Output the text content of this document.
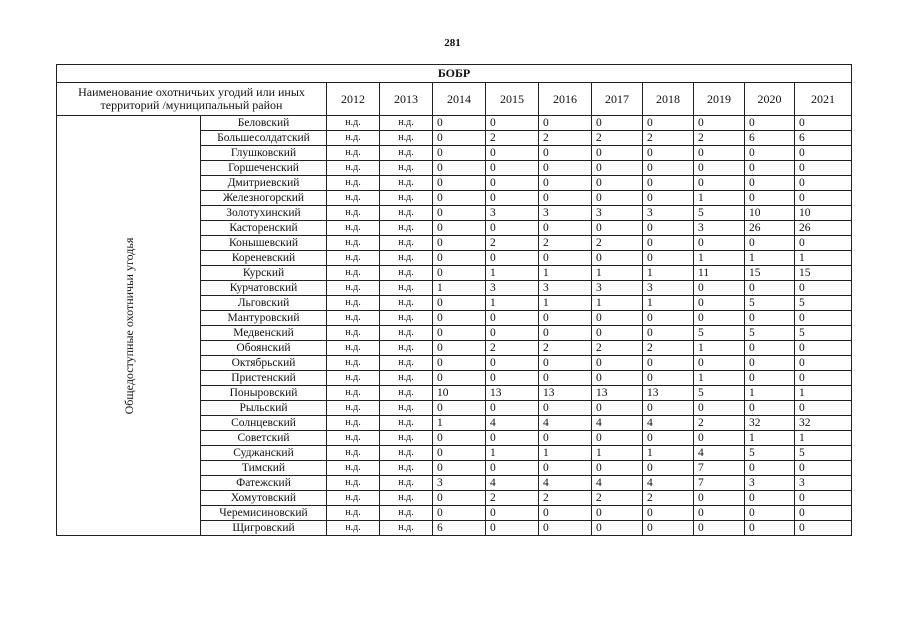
281
БОБР											
Наименование охотничьих угодий или иных территорий /муниципальный район		2012	2013	2014	2015	2016	2017	2018	2019	2020	2021

Общедоступные охотничьи угодья	Беловский	н.д.	н.д.	0	0	0	0	0	0	0	0
	Большесолдатский	н.д.	н.д.	0	2	2	2	2	2	6	6
	Глушковский	н.д.	н.д.	0	0	0	0	0	0	0	0
	Горшеченский	н.д.	н.д.	0	0	0	0	0	0	0	0
	Дмитриевский	н.д.	н.д.	0	0	0	0	0	0	0	0
	Железногорский	н.д.	н.д.	0	0	0	0	0	1	0	0
	Золотухинский	н.д.	н.д.	0	3	3	3	3	5	10	10
	Касторенский	н.д.	н.д.	0	0	0	0	0	3	26	26
	Конышевский	н.д.	н.д.	0	2	2	2	0	0	0	0
	Кореневский	н.д.	н.д.	0	0	0	0	0	1	1	1
	Курский	н.д.	н.д.	0	1	1	1	1	11	15	15
	Курчатовский	н.д.	н.д.	1	3	3	3	3	0	0	0
	Льговский	н.д.	н.д.	0	1	1	1	1	0	5	5
	Мантуровский	н.д.	н.д.	0	0	0	0	0	0	0	0
	Медвенский	н.д.	н.д.	0	0	0	0	0	5	5	5
	Обоянский	н.д.	н.д.	0	2	2	2	2	1	0	0
	Октябрьский	н.д.	н.д.	0	0	0	0	0	0	0	0
	Пристенский	н.д.	н.д.	0	0	0	0	0	1	0	0
	Поныровский	н.д.	н.д.	10	13	13	13	13	5	1	1
	Рыльский	н.д.	н.д.	0	0	0	0	0	0	0	0
	Солнцевский	н.д.	н.д.	1	4	4	4	4	2	32	32
	Советский	н.д.	н.д.	0	0	0	0	0	0	1	1
	Суджанский	н.д.	н.д.	0	1	1	1	1	4	5	5
	Тимский	н.д.	н.д.	0	0	0	0	0	7	0	0
	Фатежский	н.д.	н.д.	3	4	4	4	4	7	3	3
	Хомутовский	н.д.	н.д.	0	2	2	2	2	0	0	0
	Черемисиновский	н.д.	н.д.	0	0	0	0	0	0	0	0
	Щигровский	н.д.	н.д.	6	0	0	0	0	0	0	0
